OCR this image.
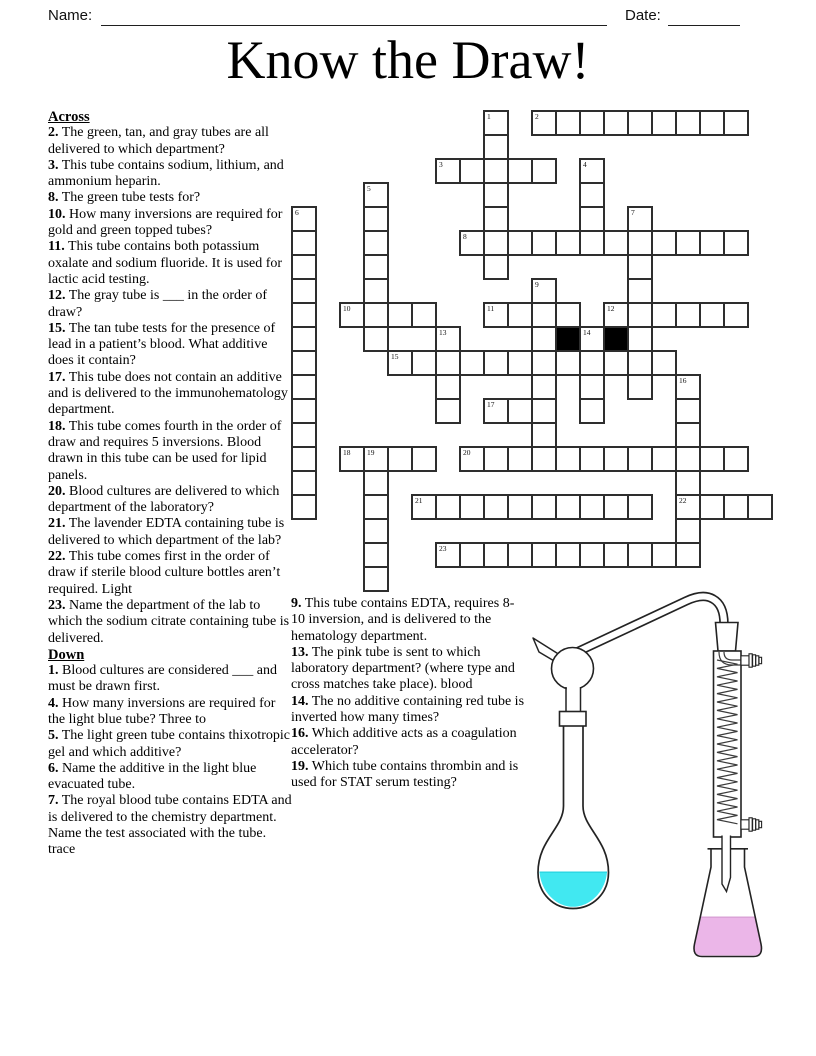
Name:	Date:
Know the Draw!
Across

2. The green, tan, and gray tubes are all delivered to which department?

3. This tube contains sodium, lithium, and ammonium heparin.

8. The green tube tests for?

10. How many inversions are required for gold and green topped tubes?

11. This tube contains both potassium oxalate and sodium fluoride. It is used for lactic acid testing.

12. The gray tube is ___ in the order of draw?

15. The tan tube tests for the presence of lead in a patient’s blood. What additive does it contain?

17. This tube does not contain an additive and is delivered to the immunohematology department.

18. This tube comes fourth in the order of draw and requires 5 inversions. Blood drawn in this tube can be used for lipid panels.

20. Blood cultures are delivered to which department of the laboratory?

21. The lavender EDTA containing tube is delivered to which department of the lab?

22. This tube comes first in the order of draw if sterile blood culture bottles aren’t required. Light

23. Name the department of the lab to which the sodium citrate containing tube is delivered.

Down

1. Blood cultures are considered ___ and must be drawn first.

4. How many inversions are required for the light blue tube? Three to

5. The light green tube contains thixotropic gel and which additive?

6. Name the additive in the light blue evacuated tube.

7. The royal blood tube contains EDTA and is delivered to the chemistry department. Name the test associated with the tube. trace

9. This tube contains EDTA, requires 8-10 inversion, and is delivered to the hematology department.

13. The pink tube is sent to which laboratory department? (where type and cross matches take place). blood

14. The no additive containing red tube is inverted how many times?

16. Which additive acts as a coagulation accelerator?

19. Which tube contains thrombin and is used for STAT serum testing?

1	2
3	4
5
6	7
8
9
10	11	12
13	14
15
16
22
17
18 19	20
21
23
